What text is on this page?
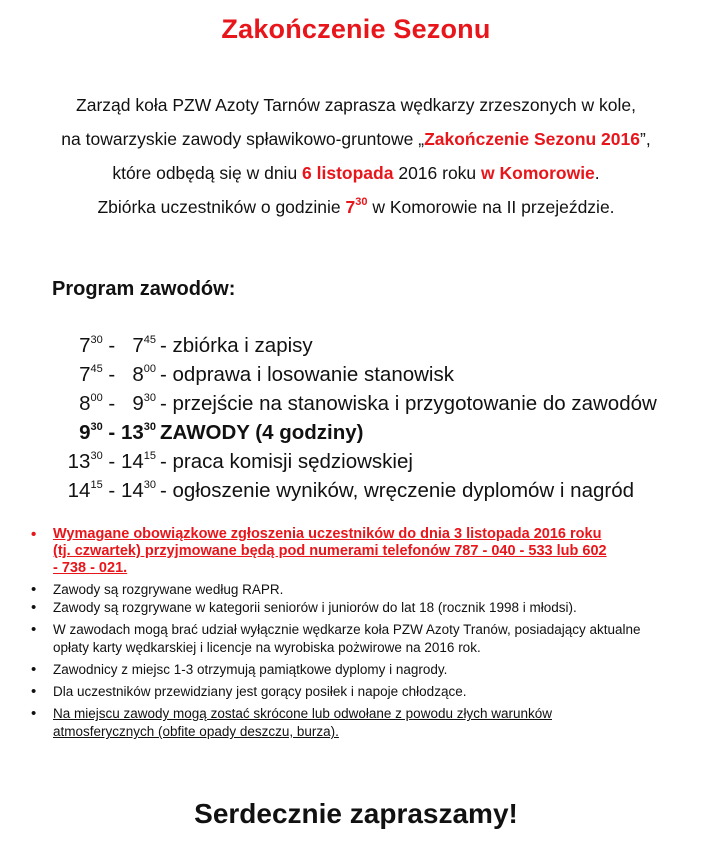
Zakończenie Sezonu
Zarząd koła PZW Azoty Tarnów zaprasza wędkarzy zrzeszonych w kole,
na towarzyskie zawody spławikowo-gruntowe „Zakończenie Sezonu 2016”,
które odbędą się w dniu 6 listopada 2016 roku w Komorowie.
Zbiórka uczestników o godzinie $7^{30}$ w Komorowie na II przejeździe.
Program zawodów:
$7^{30} - 7^{45}$ - zbiórka i zapisy
$7^{45} - 8^{00}$ - odprawa i losowanie stanowisk
$8^{00} - 9^{30}$ - przejście na stanowiska i przygotowanie do zawodów
$9^{30} - 13^{30}$ ZAWODY (4 godziny)
$13^{30} - 14^{15}$ - praca komisji sędziowskiej
$14^{15} - 14^{30}$ - ogłoszenie wyników, wręczenie dyplomów i nagród
• Wymagane obowiązkowe zgłoszenia uczestników do dnia 3 listopada 2016 roku (tj. czwartek) przyjmowane będą pod numerami telefonów 787 - 040 - 533 lub 602 - 738 - 021.
• Zawody są rozgrywane według RAPR.
• Zawody są rozgrywane w kategorii seniorów i juniorów do lat 18 (rocznik 1998 i młodsi).
• W zawodach mogą brać udział wyłącznie wędkarze koła PZW Azoty Tranów, posiadający aktualne opłaty karty wędkarskiej i licencje na wyrobiska pożwirowe na 2016 rok.
• Zawodnicy z miejsc 1-3 otrzymują pamiątkowe dyplomy i nagrody.
• Dla uczestników przewidziany jest gorący posiłek i napoje chłodzące.
• Na miejscu zawody mogą zostać skrócone lub odwołane z powodu złych warunków atmosferycznych (obfite opady deszczu, burza).
Serdecznie zapraszamy!
